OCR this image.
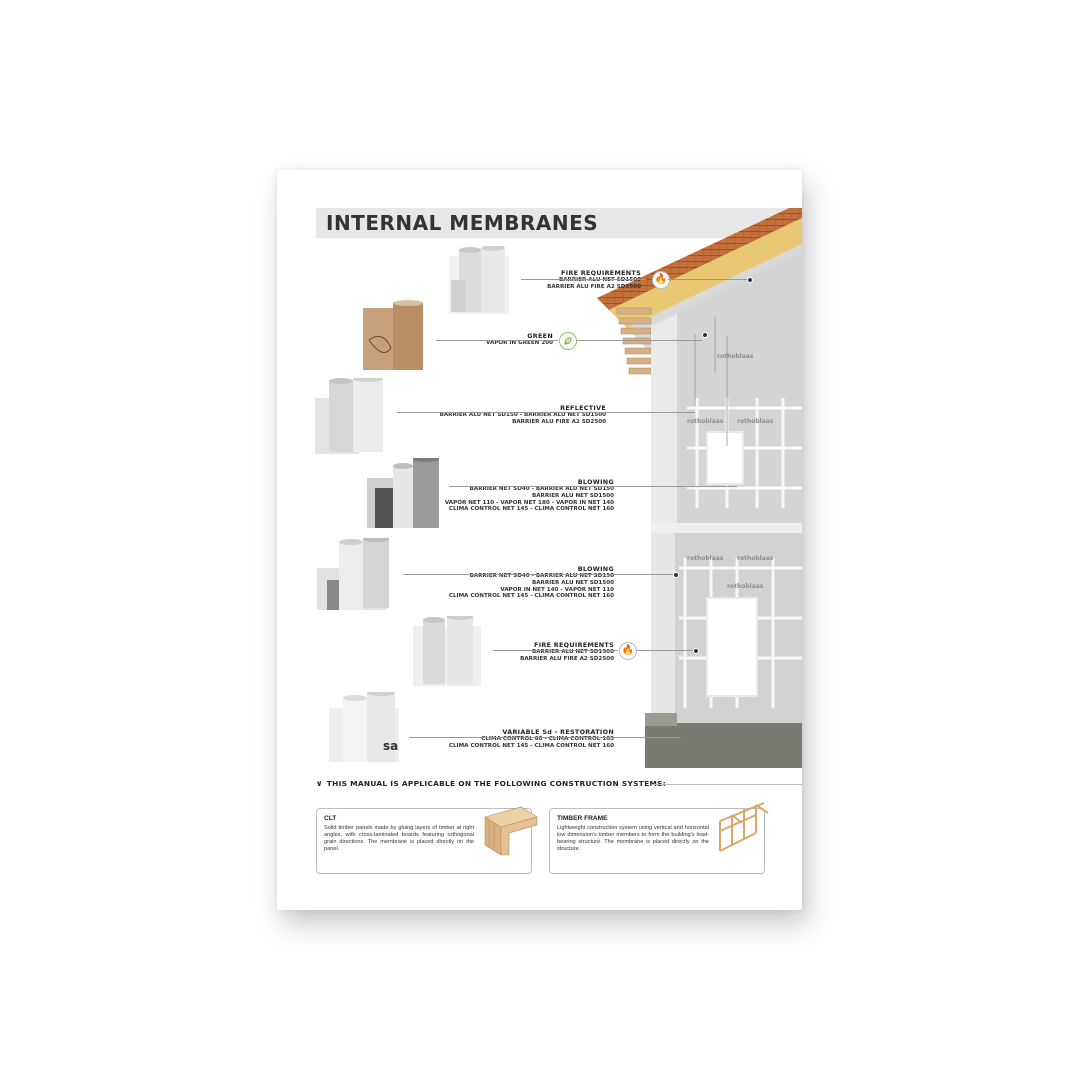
INTERNAL MEMBRANES
rothoblaas
rothoblaas rothoblaas
rothoblaas rothoblaas
rothoblaas
sa
FIRE REQUIREMENTS
BARRIER ALU NET SD1500
BARRIER ALU FIRE A2 SD2500
🔥
GREEN
VAPOR IN GREEN 200
REFLECTIVE
BARRIER ALU NET SD150 - BARRIER ALU NET SD1500
BARRIER ALU FIRE A2 SD2500
BLOWING
BARRIER NET SD40 - BARRIER ALU NET SD150
BARRIER ALU NET SD1500
VAPOR NET 110 - VAPOR NET 180 - VAPOR IN NET 140
CLIMA CONTROL NET 145 - CLIMA CONTROL NET 160
BLOWING
BARRIER NET SD40 - BARRIER ALU NET SD150
BARRIER ALU NET SD1500
VAPOR IN NET 140 - VAPOR NET 110
CLIMA CONTROL NET 145 - CLIMA CONTROL NET 160
FIRE REQUIREMENTS
BARRIER ALU NET SD1500
BARRIER ALU FIRE A2 SD2500
🔥
VARIABLE Sd - RESTORATION
CLIMA CONTROL 80 - CLIMA CONTROL 105
CLIMA CONTROL NET 145 - CLIMA CONTROL NET 160
∨ THIS MANUAL IS APPLICABLE ON THE FOLLOWING CONSTRUCTION SYSTEMS:
CLT
Solid timber panels made by gluing layers of timber at right angles, with cross-laminated boards featuring orthogonal grain directions. The membrane is placed directly on the panel.
TIMBER FRAME
Lightweight construction system using vertical and horizontal low dimension's timber members to form the building's load-bearing structure. The membrane is placed directly on the structure.
